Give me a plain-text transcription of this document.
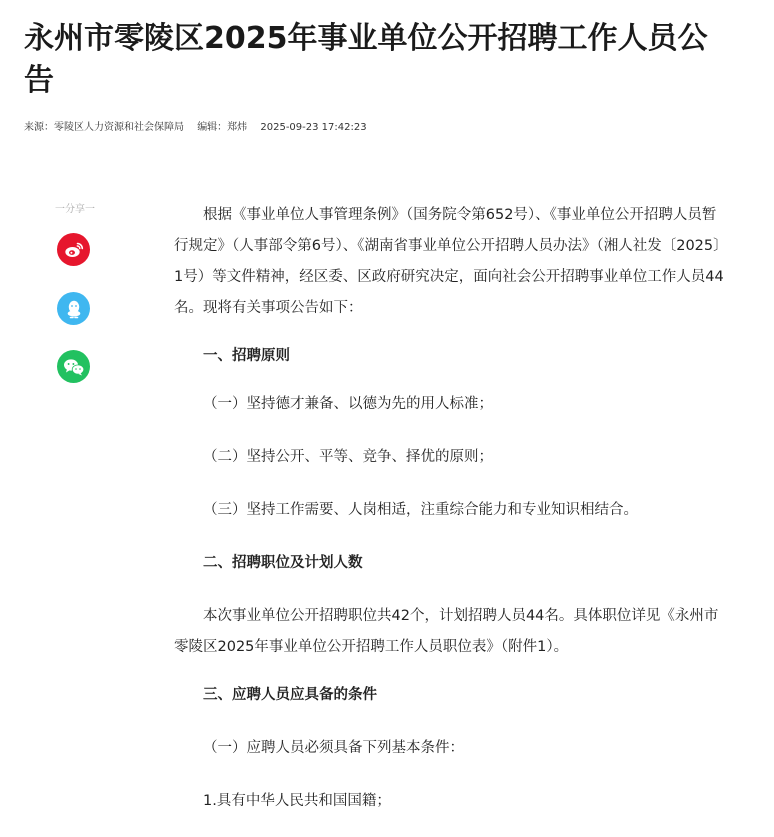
永州市零陵区2025年事业单位公开招聘工作人员公告
来源：零陵区人力资源和社会保障局 编辑：郑炜 2025-09-23 17:42:23
一分享一	根据《事业单位人事管理条例》（国务院令第652号）、《事业单位公开招聘人员暂行规定》（人事部令第6号）、《湖南省事业单位公开招聘人员办法》（湘人社发〔2025〕1号）等文件精神，经区委、区政府研究决定，面向社会公开招聘事业单位工作人员44名。现将有关事项公告如下：

一、招聘原则

（一）坚持德才兼备、以德为先的用人标准；

（二）坚持公开、平等、竞争、择优的原则；

（三）坚持工作需要、人岗相适，注重综合能力和专业知识相结合。

二、招聘职位及计划人数

本次事业单位公开招聘职位共42个，计划招聘人员44名。具体职位详见《永州市零陵区2025年事业单位公开招聘工作人员职位表》（附件1）。

三、应聘人员应具备的条件

（一）应聘人员必须具备下列基本条件：

1.具有中华人民共和国国籍；
